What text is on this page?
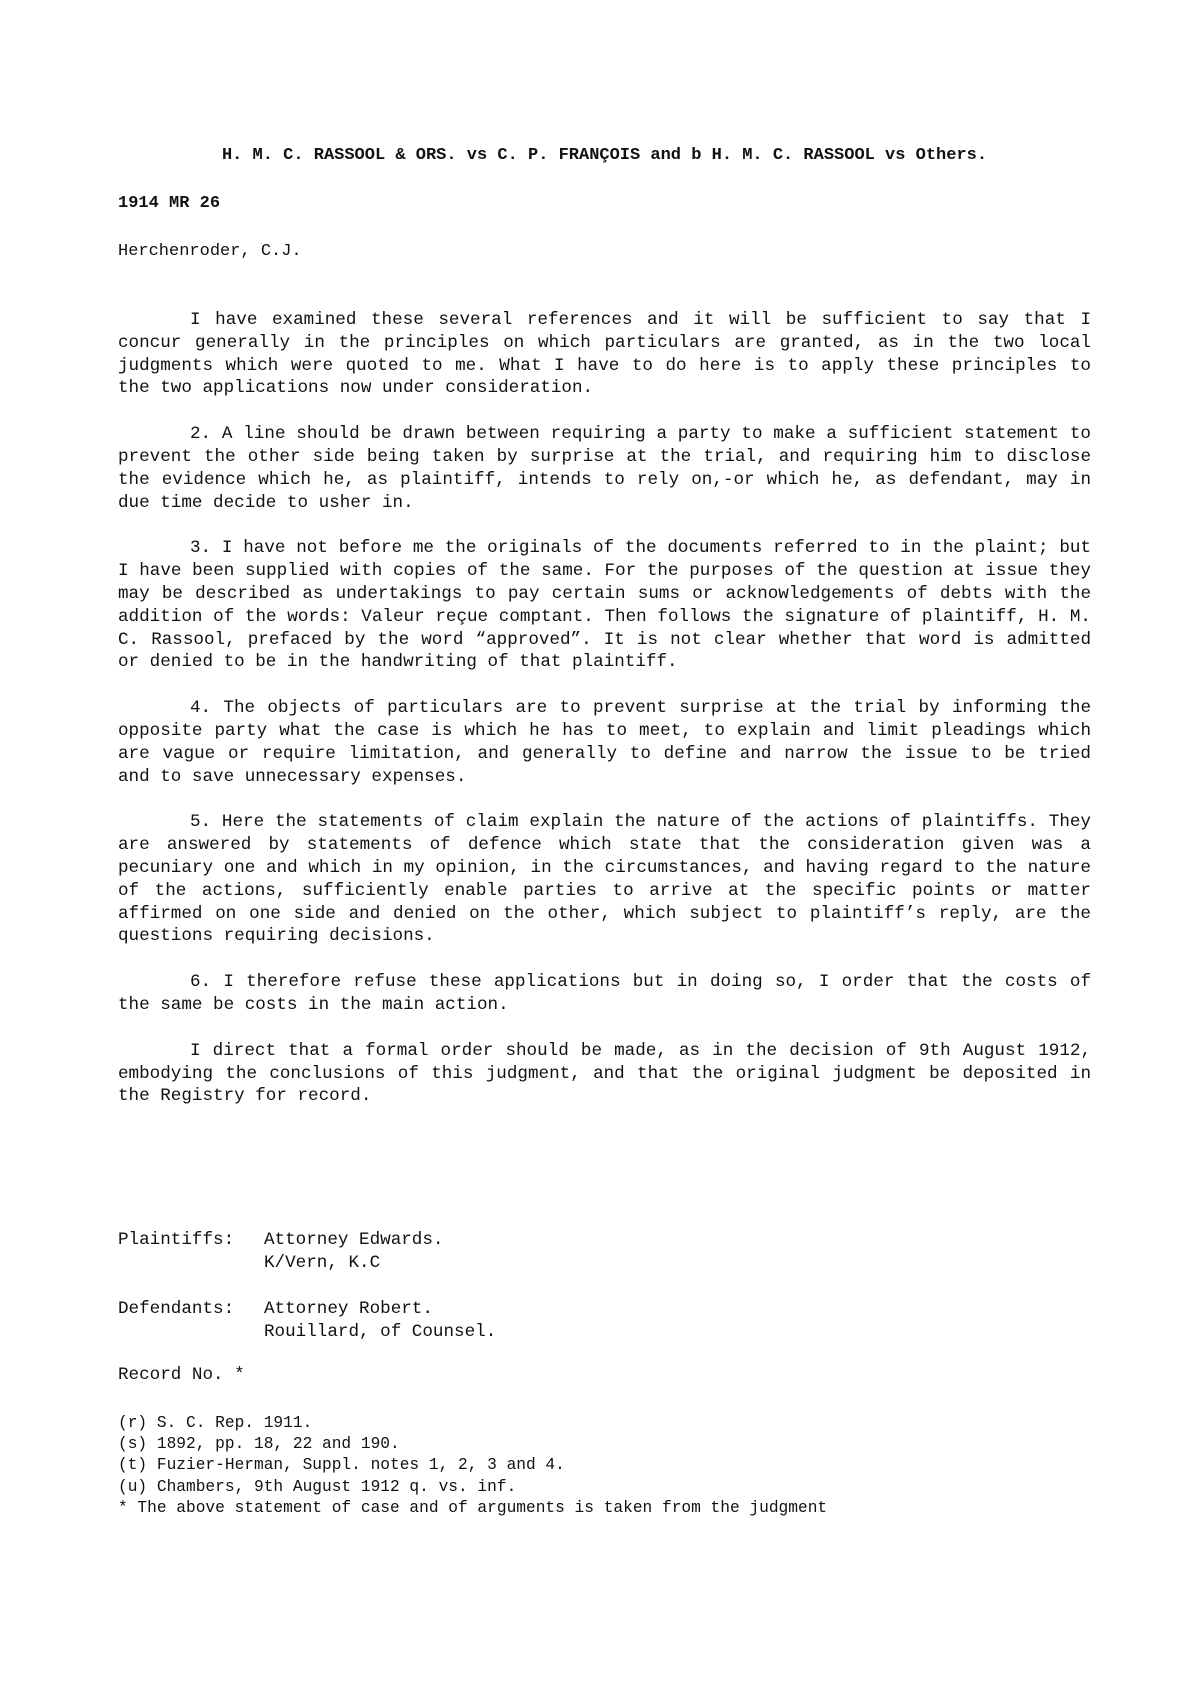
H. M. C. RASSOOL & ORS. vs C. P. FRANÇOIS and b H. M. C. RASSOOL vs Others.
1914 MR 26
Herchenroder, C.J.

I have examined these several references and it will be sufficient to say that I concur generally in the principles on which particulars are granted, as in the two local judgments which were quoted to me. What I have to do here is to apply these principles to the two applications now under consideration.

2. A line should be drawn between requiring a party to make a sufficient statement to prevent the other side being taken by surprise at the trial, and requiring him to disclose the evidence which he, as plaintiff, intends to rely on,-or which he, as defendant, may in due time decide to usher in.

3. I have not before me the originals of the documents referred to in the plaint; but I have been supplied with copies of the same. For the purposes of the question at issue they may be described as undertakings to pay certain sums or acknowledgements of debts with the addition of the words: Valeur reçue comptant. Then follows the signature of plaintiff, H. M. C. Rassool, prefaced by the word “approved”. It is not clear whether that word is admitted or denied to be in the handwriting of that plaintiff.

4. The objects of particulars are to prevent surprise at the trial by informing the opposite party what the case is which he has to meet, to explain and limit pleadings which are vague or require limitation, and generally to define and narrow the issue to be tried and to save unnecessary expenses.

5. Here the statements of claim explain the nature of the actions of plaintiffs. They are answered by statements of defence which state that the consideration given was a pecuniary one and which in my opinion, in the circumstances, and having regard to the nature of the actions, sufficiently enable parties to arrive at the specific points or matter affirmed on one side and denied on the other, which subject to plaintiff’s reply, are the questions requiring decisions.

6. I therefore refuse these applications but in doing so, I order that the costs of the same be costs in the main action.

I direct that a formal order should be made, as in the decision of 9th August 1912, embodying the conclusions of this judgment, and that the original judgment be deposited in the Registry for record.

Plaintiffs:	Attorney Edwards.
K/Vern, K.C
Defendants:	Attorney Robert.
Rouillard, of Counsel.
Record No. *
(r) S. C. Rep. 1911.
(s) 1892, pp. 18, 22 and 190.
(t) Fuzier-Herman, Suppl. notes 1, 2, 3 and 4.
(u) Chambers, 9th August 1912 q. vs. inf.
* The above statement of case and of arguments is taken from the judgment
